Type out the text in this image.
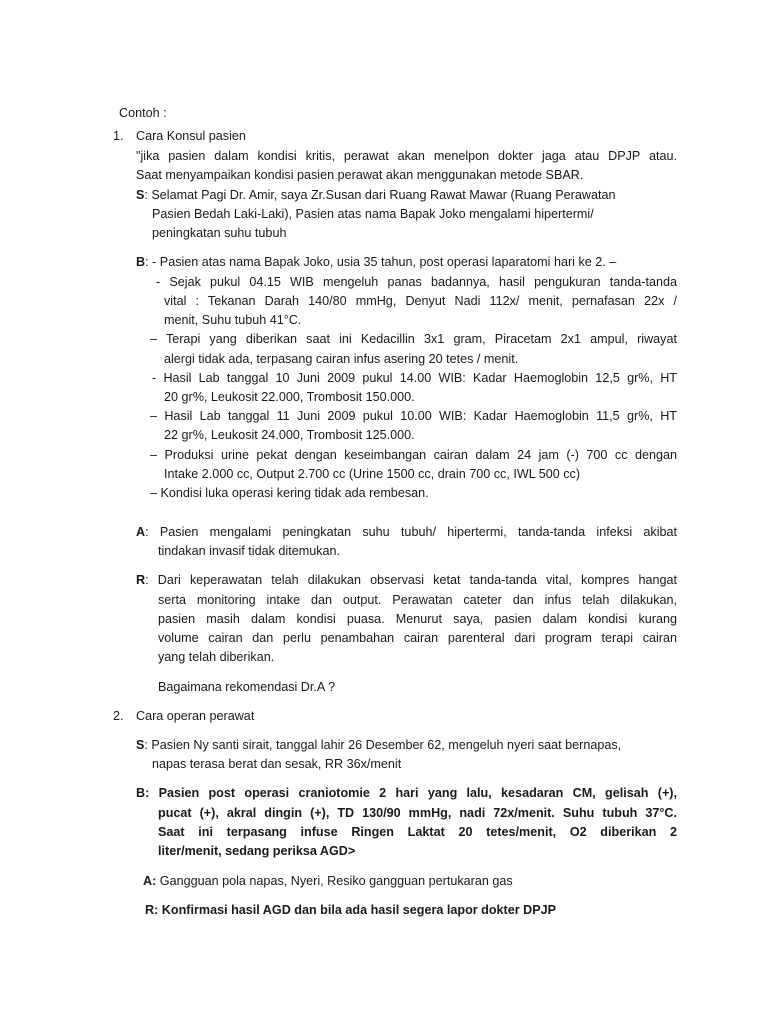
Contoh :
1. Cara Konsul pasien
"jika pasien dalam kondisi kritis, perawat akan menelpon dokter jaga atau DPJP atau.
Saat menyampaikan kondisi pasien perawat akan menggunakan metode SBAR.
S: Selamat Pagi Dr. Amir, saya Zr.Susan dari Ruang Rawat Mawar (Ruang Perawatan
Pasien Bedah Laki-Laki), Pasien atas nama Bapak Joko mengalami hipertermi/
peningkatan suhu tubuh
B: - Pasien atas nama Bapak Joko, usia 35 tahun, post operasi laparatomi hari ke 2. –
- Sejak pukul 04.15 WIB mengeluh panas badannya, hasil pengukuran tanda-tanda
vital : Tekanan Darah 140/80 mmHg, Denyut Nadi 112x/ menit, pernafasan 22x /
menit, Suhu tubuh 41°C.
– Terapi yang diberikan saat ini Kedacillin 3x1 gram, Piracetam 2x1 ampul, riwayat
alergi tidak ada, terpasang cairan infus asering 20 tetes / menit.
- Hasil Lab tanggal 10 Juni 2009 pukul 14.00 WIB: Kadar Haemoglobin 12,5 gr%, HT
20 gr%, Leukosit 22.000, Trombosit 150.000.
– Hasil Lab tanggal 11 Juni 2009 pukul 10.00 WIB: Kadar Haemoglobin 11,5 gr%, HT
22 gr%, Leukosit 24.000, Trombosit 125.000.
– Produksi urine pekat dengan keseimbangan cairan dalam 24 jam (-) 700 cc dengan
Intake 2.000 cc, Output 2.700 cc (Urine 1500 cc, drain 700 cc, IWL 500 cc)
– Kondisi luka operasi kering tidak ada rembesan.
A: Pasien mengalami peningkatan suhu tubuh/ hipertermi, tanda-tanda infeksi akibat
tindakan invasif tidak ditemukan.
R: Dari keperawatan telah dilakukan observasi ketat tanda-tanda vital, kompres hangat
serta monitoring intake dan output. Perawatan cateter dan infus telah dilakukan,
pasien masih dalam kondisi puasa. Menurut saya, pasien dalam kondisi kurang
volume cairan dan perlu penambahan cairan parenteral dari program terapi cairan
yang telah diberikan.
Bagaimana rekomendasi Dr.A ?
2. Cara operan perawat
S: Pasien Ny santi sirait, tanggal lahir 26 Desember 62, mengeluh nyeri saat bernapas,
napas terasa berat dan sesak, RR 36x/menit
B: Pasien post operasi craniotomie 2 hari yang lalu, kesadaran CM, gelisah (+),
pucat (+), akral dingin (+), TD 130/90 mmHg, nadi 72x/menit. Suhu tubuh 37°C.
Saat ini terpasang infuse Ringen Laktat 20 tetes/menit, O2 diberikan 2
liter/menit, sedang periksa AGD>
A: Gangguan pola napas, Nyeri, Resiko gangguan pertukaran gas
R: Konfirmasi hasil AGD dan bila ada hasil segera lapor dokter DPJP
